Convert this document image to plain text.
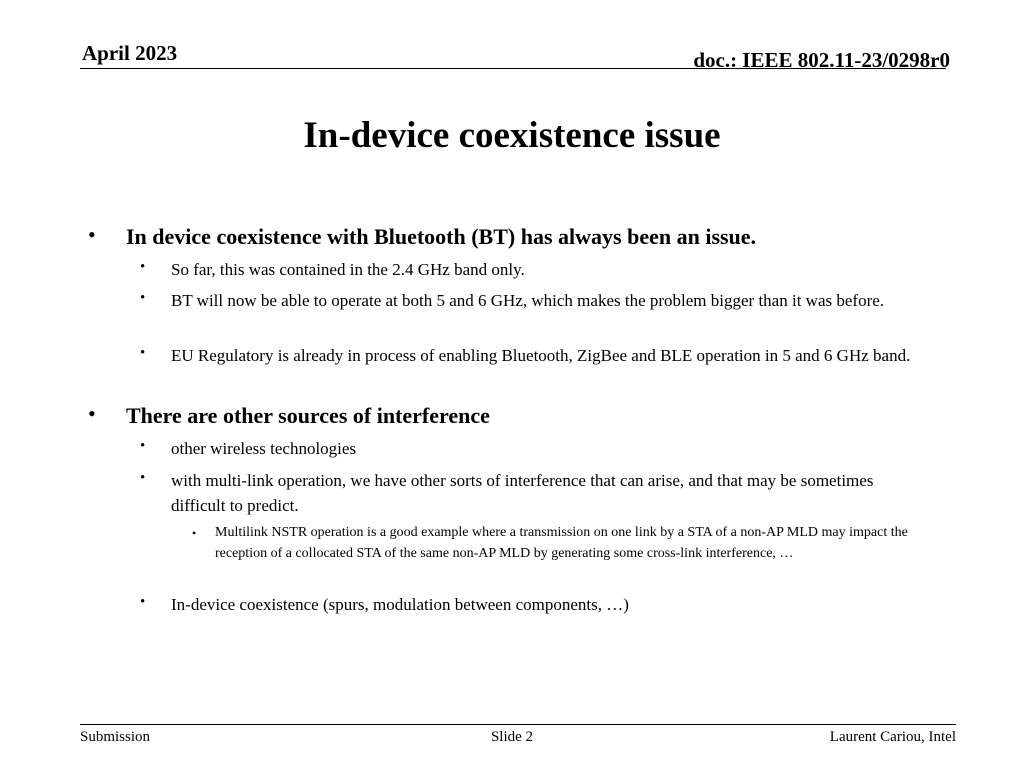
April 2023	doc.: IEEE 802.11-23/0298r0
In-device coexistence issue
• In device coexistence with Bluetooth (BT) has always been an issue.
• So far, this was contained in the 2.4 GHz band only.
• BT will now be able to operate at both 5 and 6 GHz, which makes the problem bigger than it was before.
• EU Regulatory is already in process of enabling Bluetooth, ZigBee and BLE operation in 5 and 6 GHz band.
• There are other sources of interference
• other wireless technologies
• with multi-link operation, we have other sorts of interference that can arise, and that may be sometimes difficult to predict.
• Multilink NSTR operation is a good example where a transmission on one link by a STA of a non-AP MLD may impact the reception of a collocated STA of the same non-AP MLD by generating some cross-link interference, …
• In-device coexistence (spurs, modulation between components, …)
Submission	Slide 2	Laurent Cariou, Intel
